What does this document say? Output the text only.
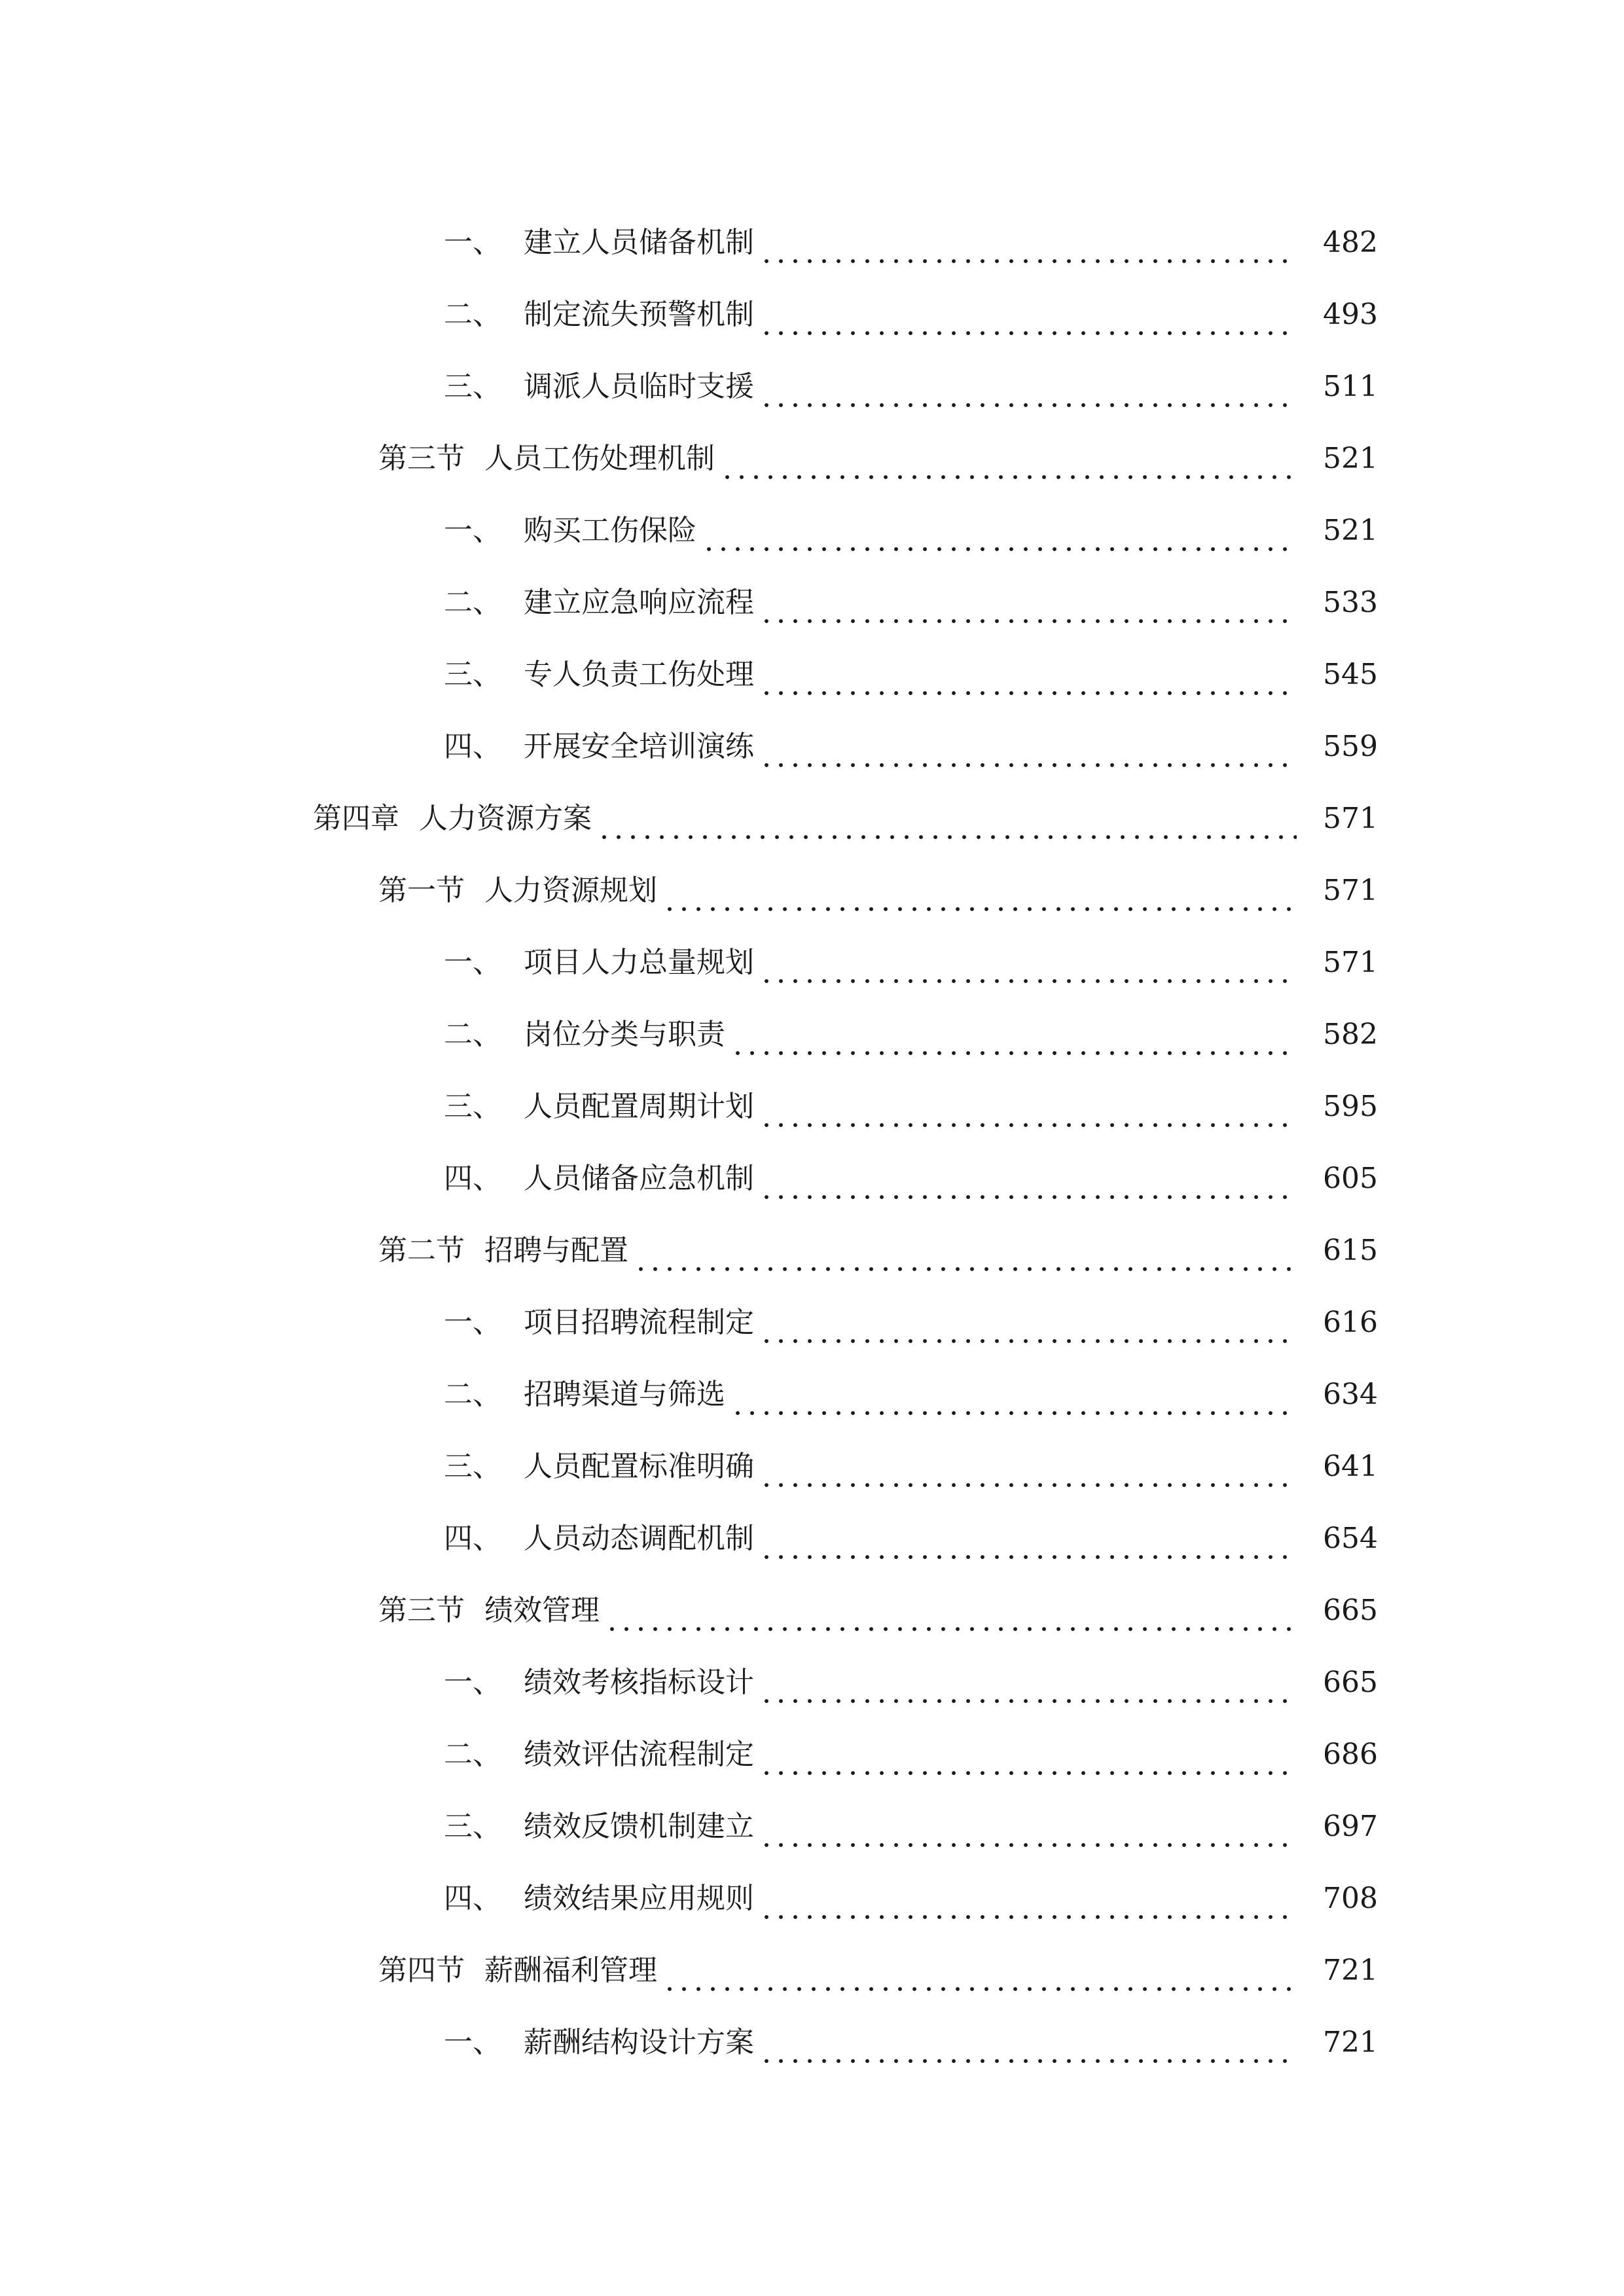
一、 建立人员储备机制	482
二、 制定流失预警机制	493
三、 调派人员临时支援	511
第三节 人员工伤处理机制	521
一、 购买工伤保险	521
二、 建立应急响应流程	533
三、 专人负责工伤处理	545
四、 开展安全培训演练	559
第四章 人力资源方案	571
第一节 人力资源规划	571
一、 项目人力总量规划	571
二、 岗位分类与职责	582
三、 人员配置周期计划	595
四、 人员储备应急机制	605
第二节 招聘与配置	615
一、 项目招聘流程制定	616
二、 招聘渠道与筛选	634
三、 人员配置标准明确	641
四、 人员动态调配机制	654
第三节 绩效管理	665
一、 绩效考核指标设计	665
二、 绩效评估流程制定	686
三、 绩效反馈机制建立	697
四、 绩效结果应用规则	708
第四节 薪酬福利管理	721
一、 薪酬结构设计方案	721
